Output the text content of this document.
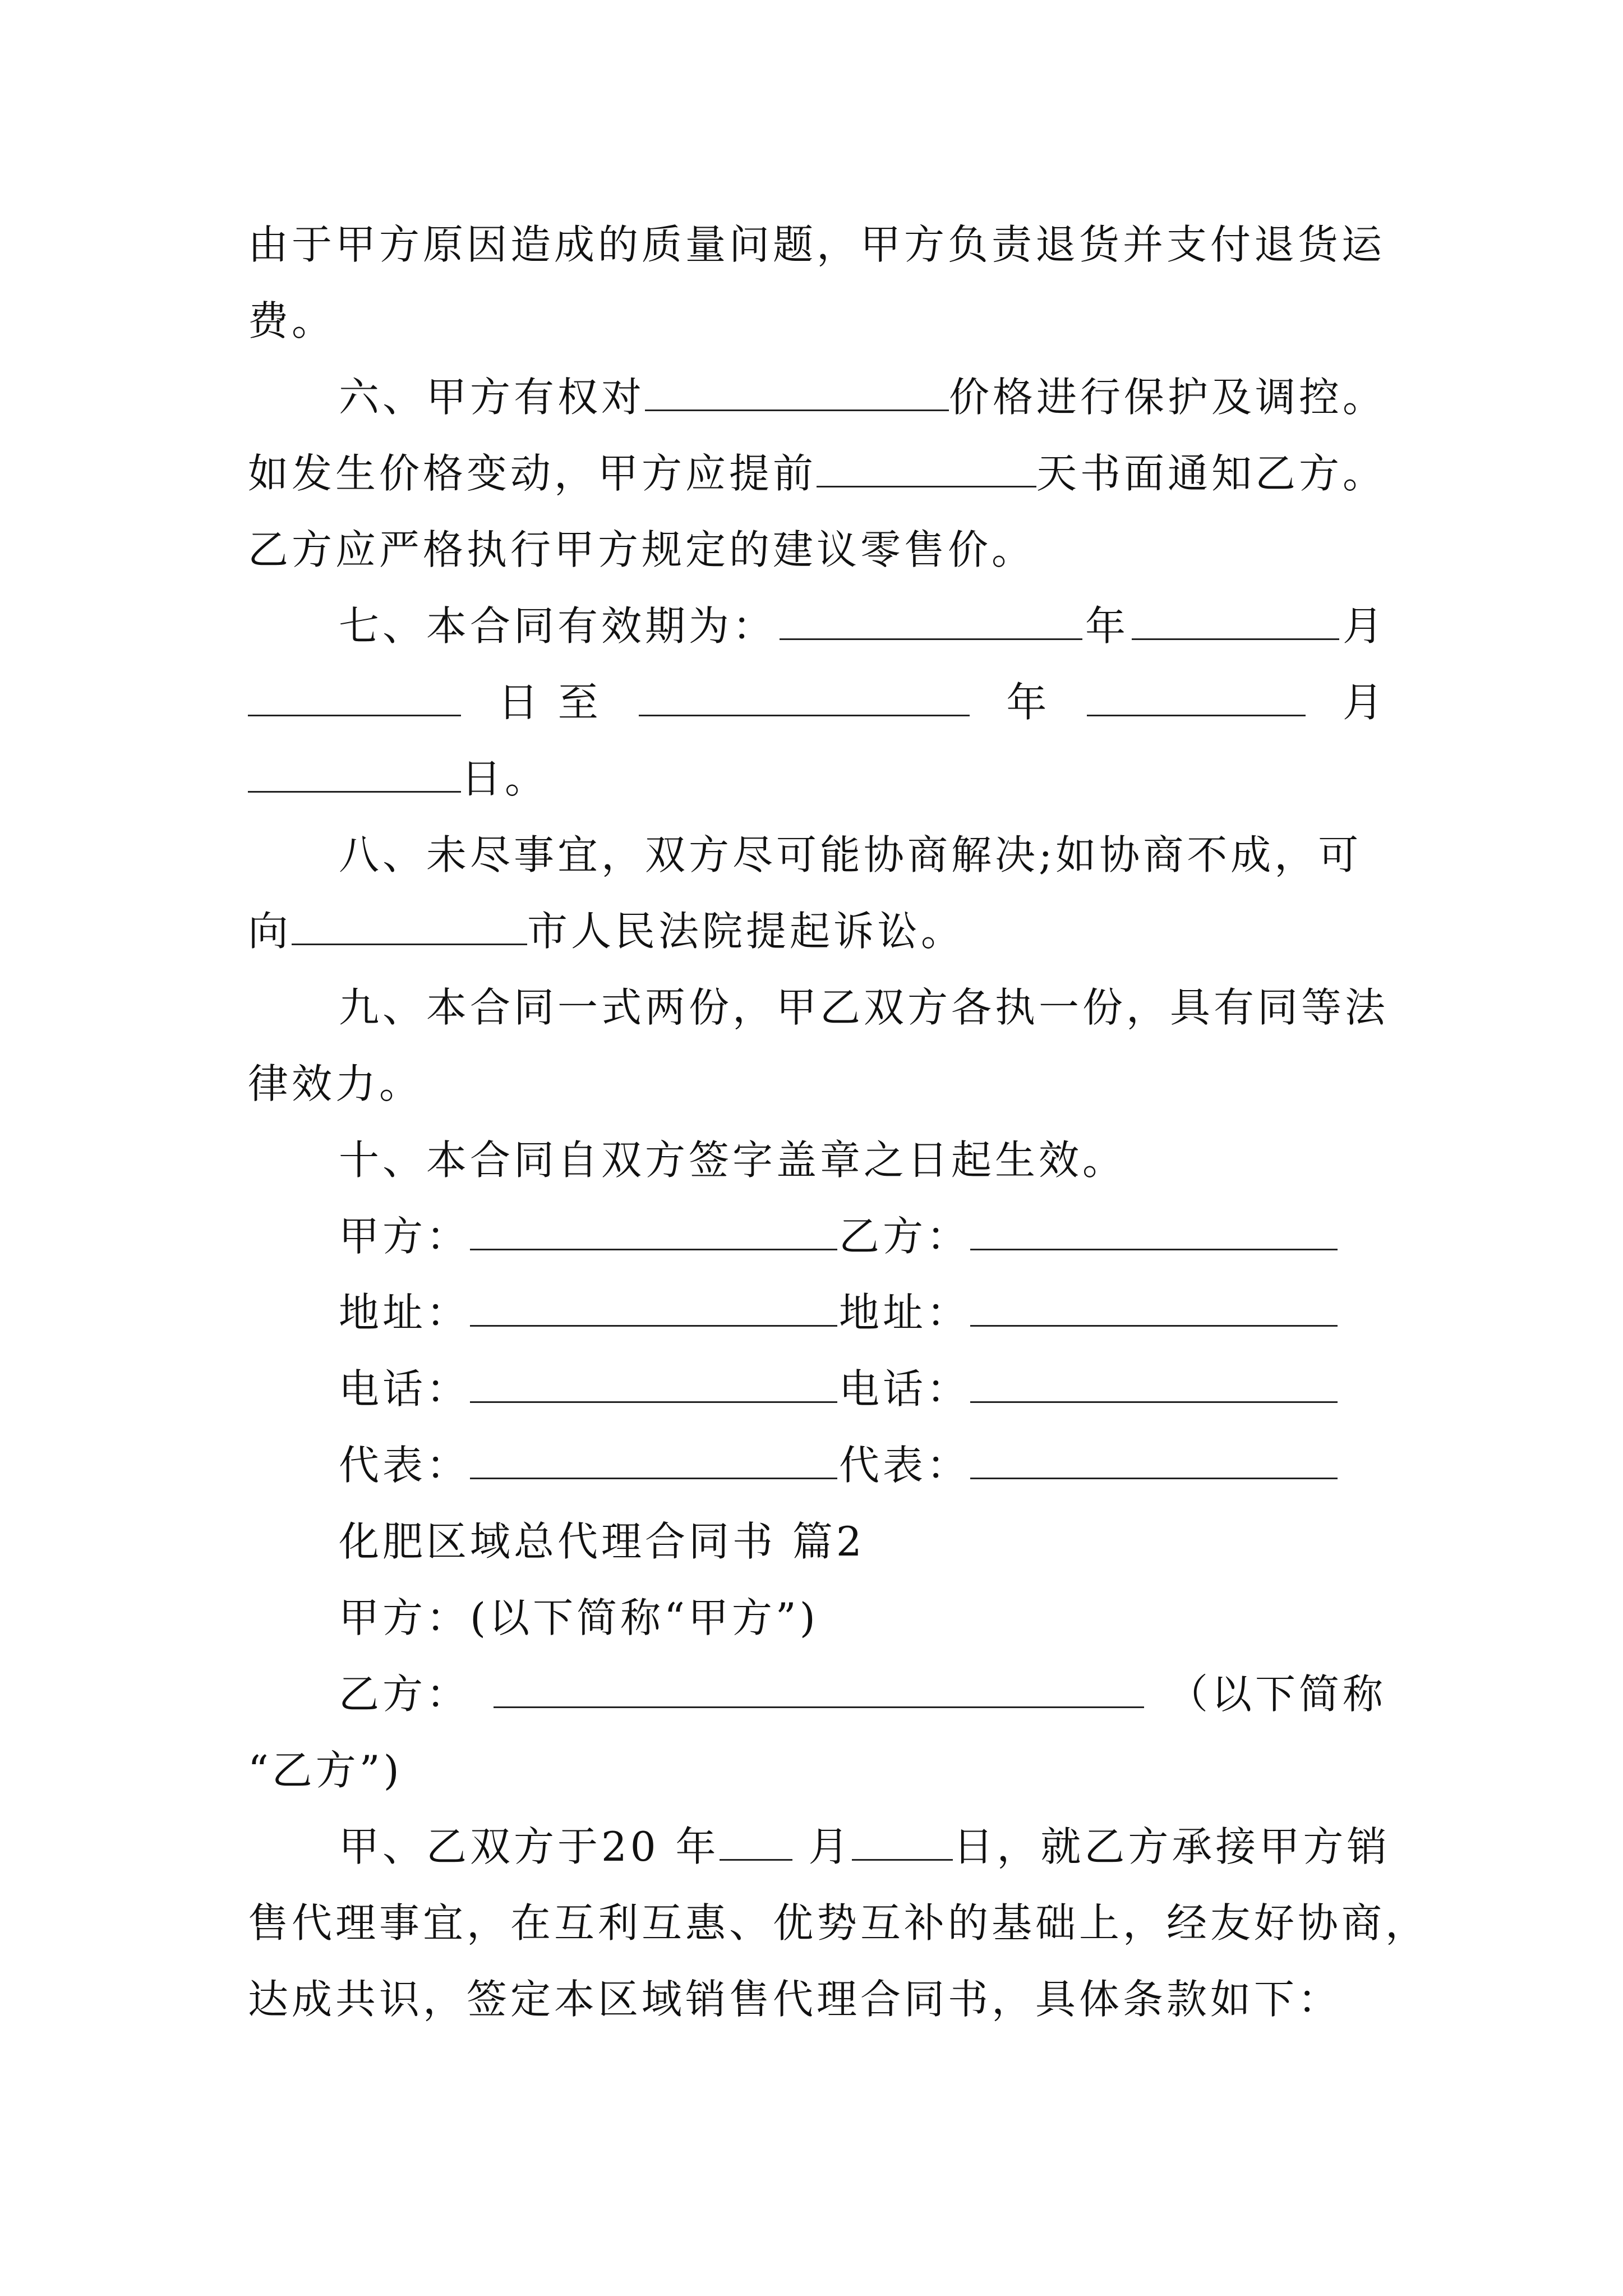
由于甲方原因造成的质量问题，甲方负责退货并支付退货运
费。
六、甲方有权对	价格进行保护及调控。
如发生价格变动，甲方应提前	天书面通知乙方。
乙方应严格执行甲方规定的建议零售价。
七、本合同有效期为：	年	月
日 至	年	月
日。
八、未尽事宜，双方尽可能协商解决;如协商不成，可
向	市人民法院提起诉讼。
九、本合同一式两份，甲乙双方各执一份，具有同等法
律效力。
十、本合同自双方签字盖章之日起生效。
甲方：	乙方：
地址：	地址：
电话：	电话：
代表：	代表：
化肥区域总代理合同书 篇2
甲方：(以下简称“甲方”)
乙方：	（以下简称
“乙方”)
甲、乙双方于20 年 月	日，就乙方承接甲方销
售代理事宜，在互利互惠、优势互补的基础上，经友好协商，
达成共识，签定本区域销售代理合同书，具体条款如下：
